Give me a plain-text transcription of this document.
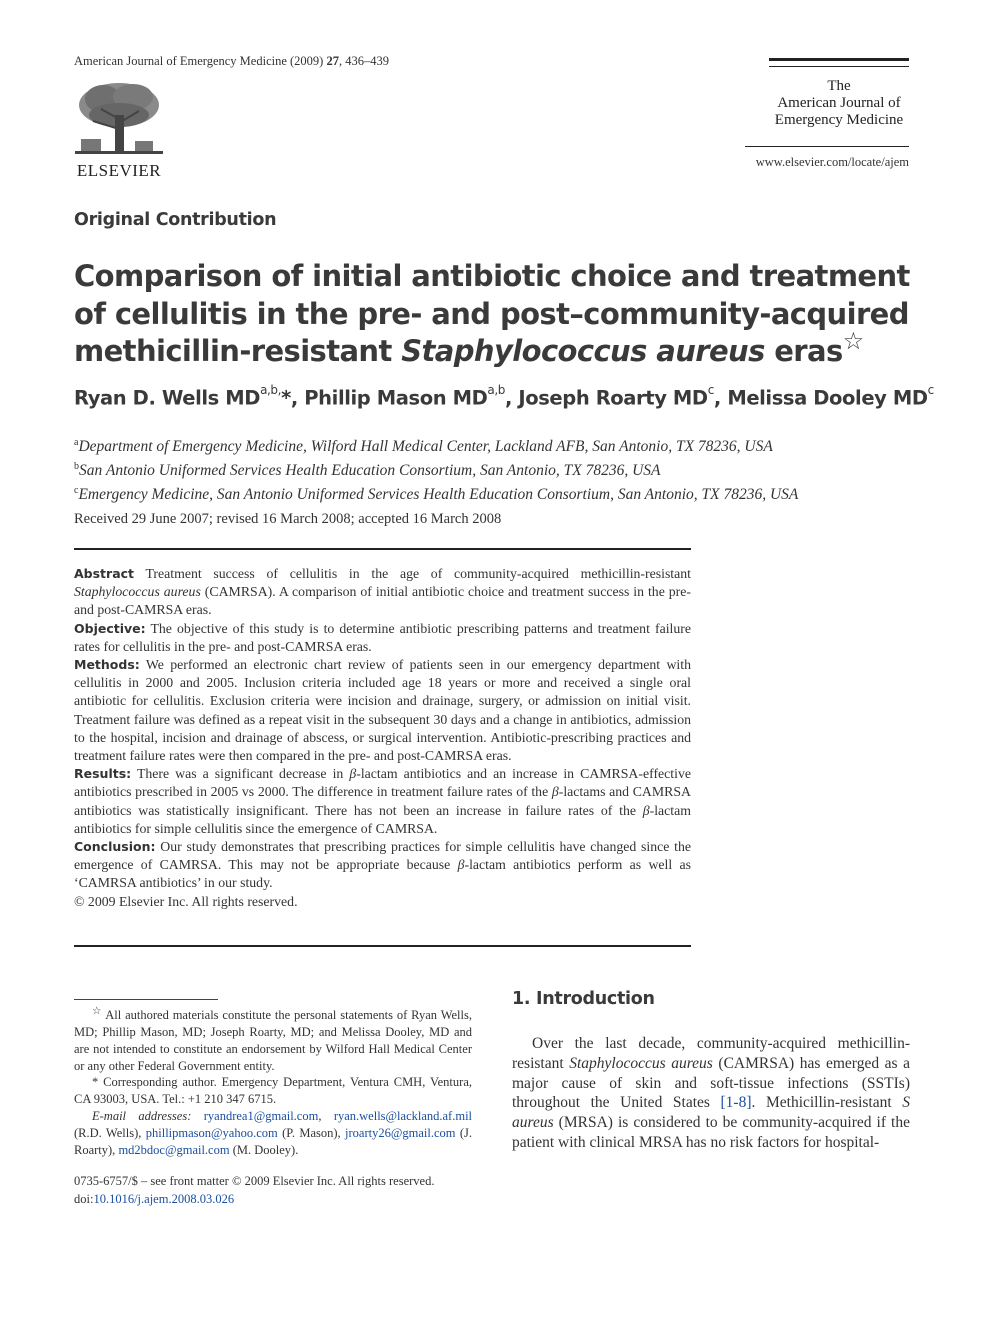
American Journal of Emergency Medicine (2009) 27, 436–439
ELSEVIER
The
American Journal of
Emergency Medicine
www.elsevier.com/locate/ajem
Original Contribution
Comparison of initial antibiotic choice and treatment of cellulitis in the pre- and post–community-acquired methicillin-resistant Staphylococcus aureus eras☆
Ryan D. Wells $MD^{a,b,}*$, Phillip Mason MD$^{a,b}$, Joseph Roarty $MD^c$, Melissa Dooley $MD^c$
$^a$Department of Emergency Medicine, Wilford Hall Medical Center, Lackland AFB, San Antonio, TX 78236, USA
$^b$San Antonio Uniformed Services Health Education Consortium, San Antonio, TX 78236, USA
$^c$Emergency Medicine, San Antonio Uniformed Services Health Education Consortium, San Antonio, TX 78236, USA
Received 29 June 2007; revised 16 March 2008; accepted 16 March 2008

Abstract Treatment success of cellulitis in the age of community-acquired methicillin-resistant Staphylococcus aureus (CAMRSA). A comparison of initial antibiotic choice and treatment success in the pre- and post-CAMRSA eras.

Objective: The objective of this study is to determine antibiotic prescribing patterns and treatment failure rates for cellulitis in the pre- and post-CAMRSA eras.

Methods: We performed an electronic chart review of patients seen in our emergency department with cellulitis in 2000 and 2005. Inclusion criteria included age 18 years or more and received a single oral antibiotic for cellulitis. Exclusion criteria were incision and drainage, surgery, or admission on initial visit. Treatment failure was defined as a repeat visit in the subsequent 30 days and a change in antibiotics, admission to the hospital, incision and drainage of abscess, or surgical intervention. Antibiotic-prescribing practices and treatment failure rates were then compared in the pre- and post-CAMRSA eras.

Results: There was a significant decrease in β-lactam antibiotics and an increase in CAMRSA-effective antibiotics prescribed in 2005 vs 2000. The difference in treatment failure rates of the β-lactams and CAMRSA antibiotics was statistically insignificant. There has not been an increase in failure rates of the β-lactam antibiotics for simple cellulitis since the emergence of CAMRSA.

Conclusion: Our study demonstrates that prescribing practices for simple cellulitis have changed since the emergence of CAMRSA. This may not be appropriate because β-lactam antibiotics perform as well as ‘CAMRSA antibiotics’ in our study.

© 2009 Elsevier Inc. All rights reserved.

☆ All authored materials constitute the personal statements of Ryan Wells, MD; Phillip Mason, MD; Joseph Roarty, MD; and Melissa Dooley, MD and are not intended to constitute an endorsement by Wilford Hall Medical Center or any other Federal Government entity.

* Corresponding author. Emergency Department, Ventura CMH, Ventura, CA 93003, USA. Tel.: +1 210 347 6715.

E-mail addresses: ryandrea1@gmail.com, ryan.wells@lackland.af.mil (R.D. Wells), phillipmason@yahoo.com (P. Mason), jroarty26@gmail.com (J. Roarty), md2bdoc@gmail.com (M. Dooley).

0735-6757/$ – see front matter © 2009 Elsevier Inc. All rights reserved.

doi:10.1016/j.ajem.2008.03.026

1. Introduction
Over the last decade, community-acquired methicillin-resistant Staphylococcus aureus (CAMRSA) has emerged as a major cause of skin and soft-tissue infections (SSTIs) throughout the United States [1-8]. Methicillin-resistant S aureus (MRSA) is considered to be community-acquired if the patient with clinical MRSA has no risk factors for hospital-
